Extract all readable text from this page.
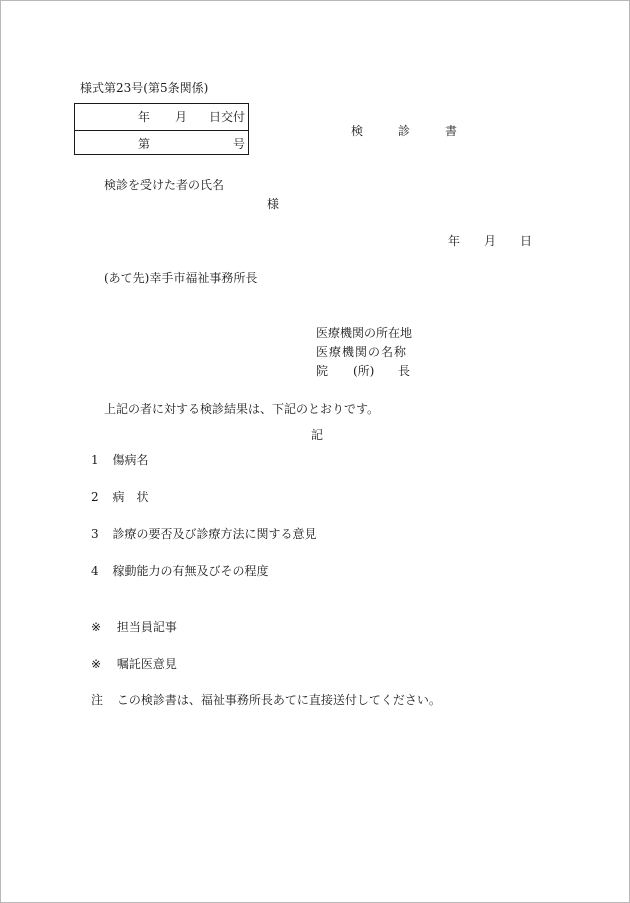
様式第23号(第5条関係)
年 月 日交付
第	号
検	診	書
検診を受けた者の氏名
様
年 月 日
(あて先)幸手市福祉事務所長
医療機関の所在地
医療機関の名称
院 (所) 長
上記の者に対する検診結果は、下記のとおりです。
記
1 傷病名
2 病　状
3 診療の要否及び診療方法に関する意見
4 稼動能力の有無及びその程度
※ 担当員記事
※ 嘱託医意見
注 この検診書は、福祉事務所長あてに直接送付してください。
